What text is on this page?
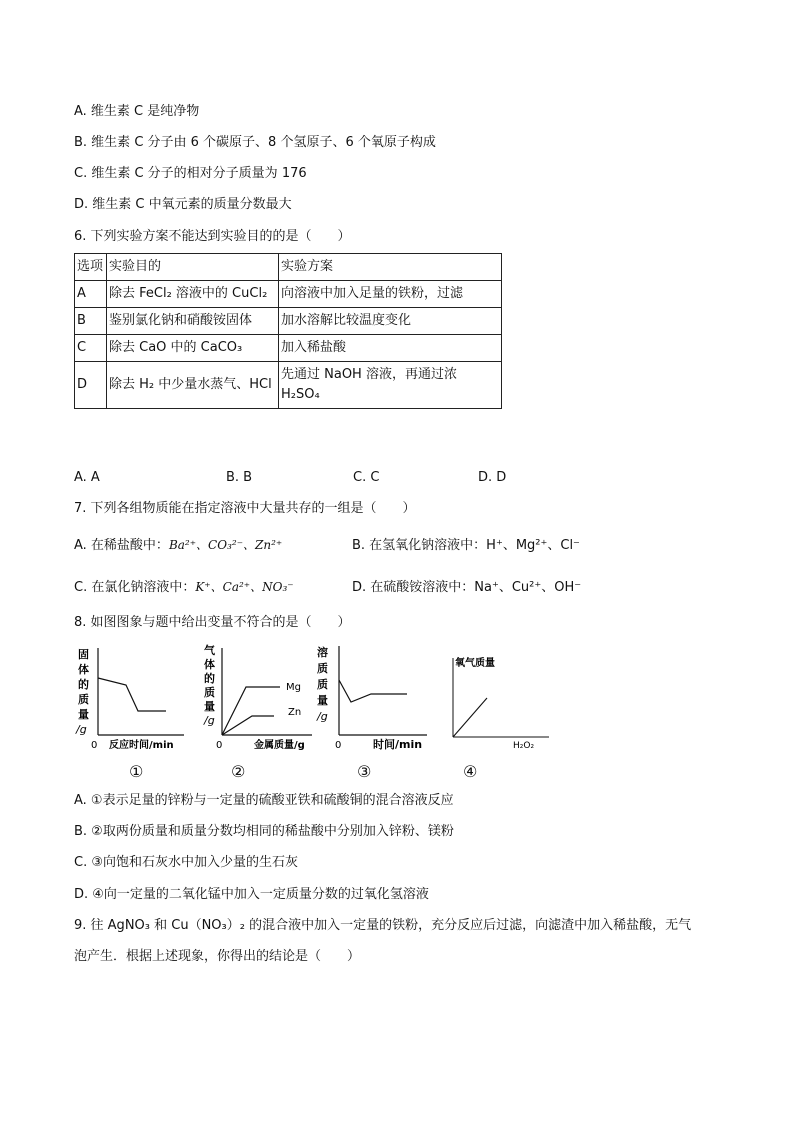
A. 维生素 C 是纯净物
B. 维生素 C 分子由 6 个碳原子、8 个氢原子、6 个氧原子构成
C. 维生素 C 分子的相对分子质量为 176
D. 维生素 C 中氧元素的质量分数最大
6. 下列实验方案不能达到实验目的的是（　　）
选项	实验目的	实验方案
A	除去 FeCl₂ 溶液中的 CuCl₂	向溶液中加入足量的铁粉，过滤
B	鉴别氯化钠和硝酸铵固体	加水溶解比较温度变化
C	除去 CaO 中的 CaCO₃	加入稀盐酸
D	除去 H₂ 中少量水蒸气、HCl	先通过 NaOH 溶液，再通过浓 H₂SO₄
A. A	B. B	C. C	D. D
7. 下列各组物质能在指定溶液中大量共存的一组是（　　）
A. 在稀盐酸中：Ba²⁺、CO₃²⁻、Zn²⁺	B. 在氢氧化钠溶液中：H⁺、Mg²⁺、Cl⁻
C. 在氯化钠溶液中：K⁺、Ca²⁺、NO₃⁻	D. 在硫酸铵溶液中：Na⁺、Cu²⁺、OH⁻
8. 如图图象与题中给出变量不符合的是（　　）
固 体 的 质 量 /g
0 反应时间/min
气 体 的 质 量 /g
Mg
Zn
0	金属质量/g
溶 质 质 量 /g
0	时间/min
氧气质量
H₂O₂
①	②	③	④
A. ①表示足量的锌粉与一定量的硫酸亚铁和硫酸铜的混合溶液反应
B. ②取两份质量和质量分数均相同的稀盐酸中分别加入锌粉、镁粉
C. ③向饱和石灰水中加入少量的生石灰
D. ④向一定量的二氧化锰中加入一定质量分数的过氧化氢溶液
9. 往 AgNO₃ 和 Cu（NO₃）₂ 的混合液中加入一定量的铁粉，充分反应后过滤，向滤渣中加入稀盐酸，无气
泡产生．根据上述现象，你得出的结论是（　　）
